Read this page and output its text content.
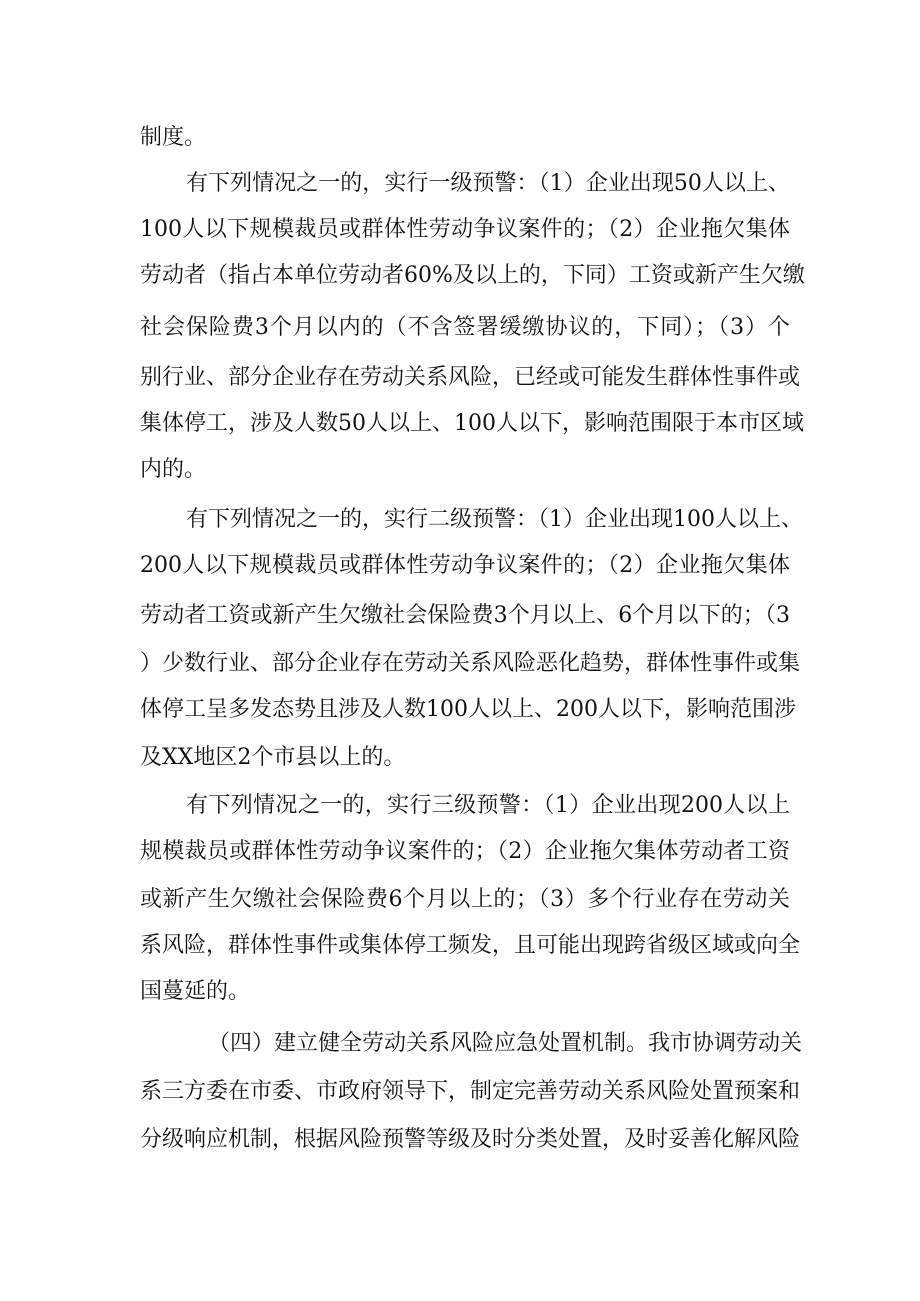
制度。
有下列情况之一的，实行一级预警：（1）企业出现50人以上、
100人以下规模裁员或群体性劳动争议案件的；（2）企业拖欠集体
劳动者（指占本单位劳动者60%及以上的，下同）工资或新产生欠缴
社会保险费3个月以内的（不含签署缓缴协议的，下同）；（3）个
别行业、部分企业存在劳动关系风险，已经或可能发生群体性事件或
集体停工，涉及人数50人以上、100人以下，影响范围限于本市区域
内的。
有下列情况之一的，实行二级预警：（1）企业出现100人以上、
200人以下规模裁员或群体性劳动争议案件的；（2）企业拖欠集体
劳动者工资或新产生欠缴社会保险费3个月以上、6个月以下的；（3
）少数行业、部分企业存在劳动关系风险恶化趋势，群体性事件或集
体停工呈多发态势且涉及人数100人以上、200人以下，影响范围涉
及XX地区2个市县以上的。
有下列情况之一的，实行三级预警：（1）企业出现200人以上
规模裁员或群体性劳动争议案件的；（2）企业拖欠集体劳动者工资
或新产生欠缴社会保险费6个月以上的；（3）多个行业存在劳动关
系风险，群体性事件或集体停工频发，且可能出现跨省级区域或向全
国蔓延的。
（四）建立健全劳动关系风险应急处置机制。我市协调劳动关
系三方委在市委、市政府领导下，制定完善劳动关系风险处置预案和
分级响应机制，根据风险预警等级及时分类处置，及时妥善化解风险
